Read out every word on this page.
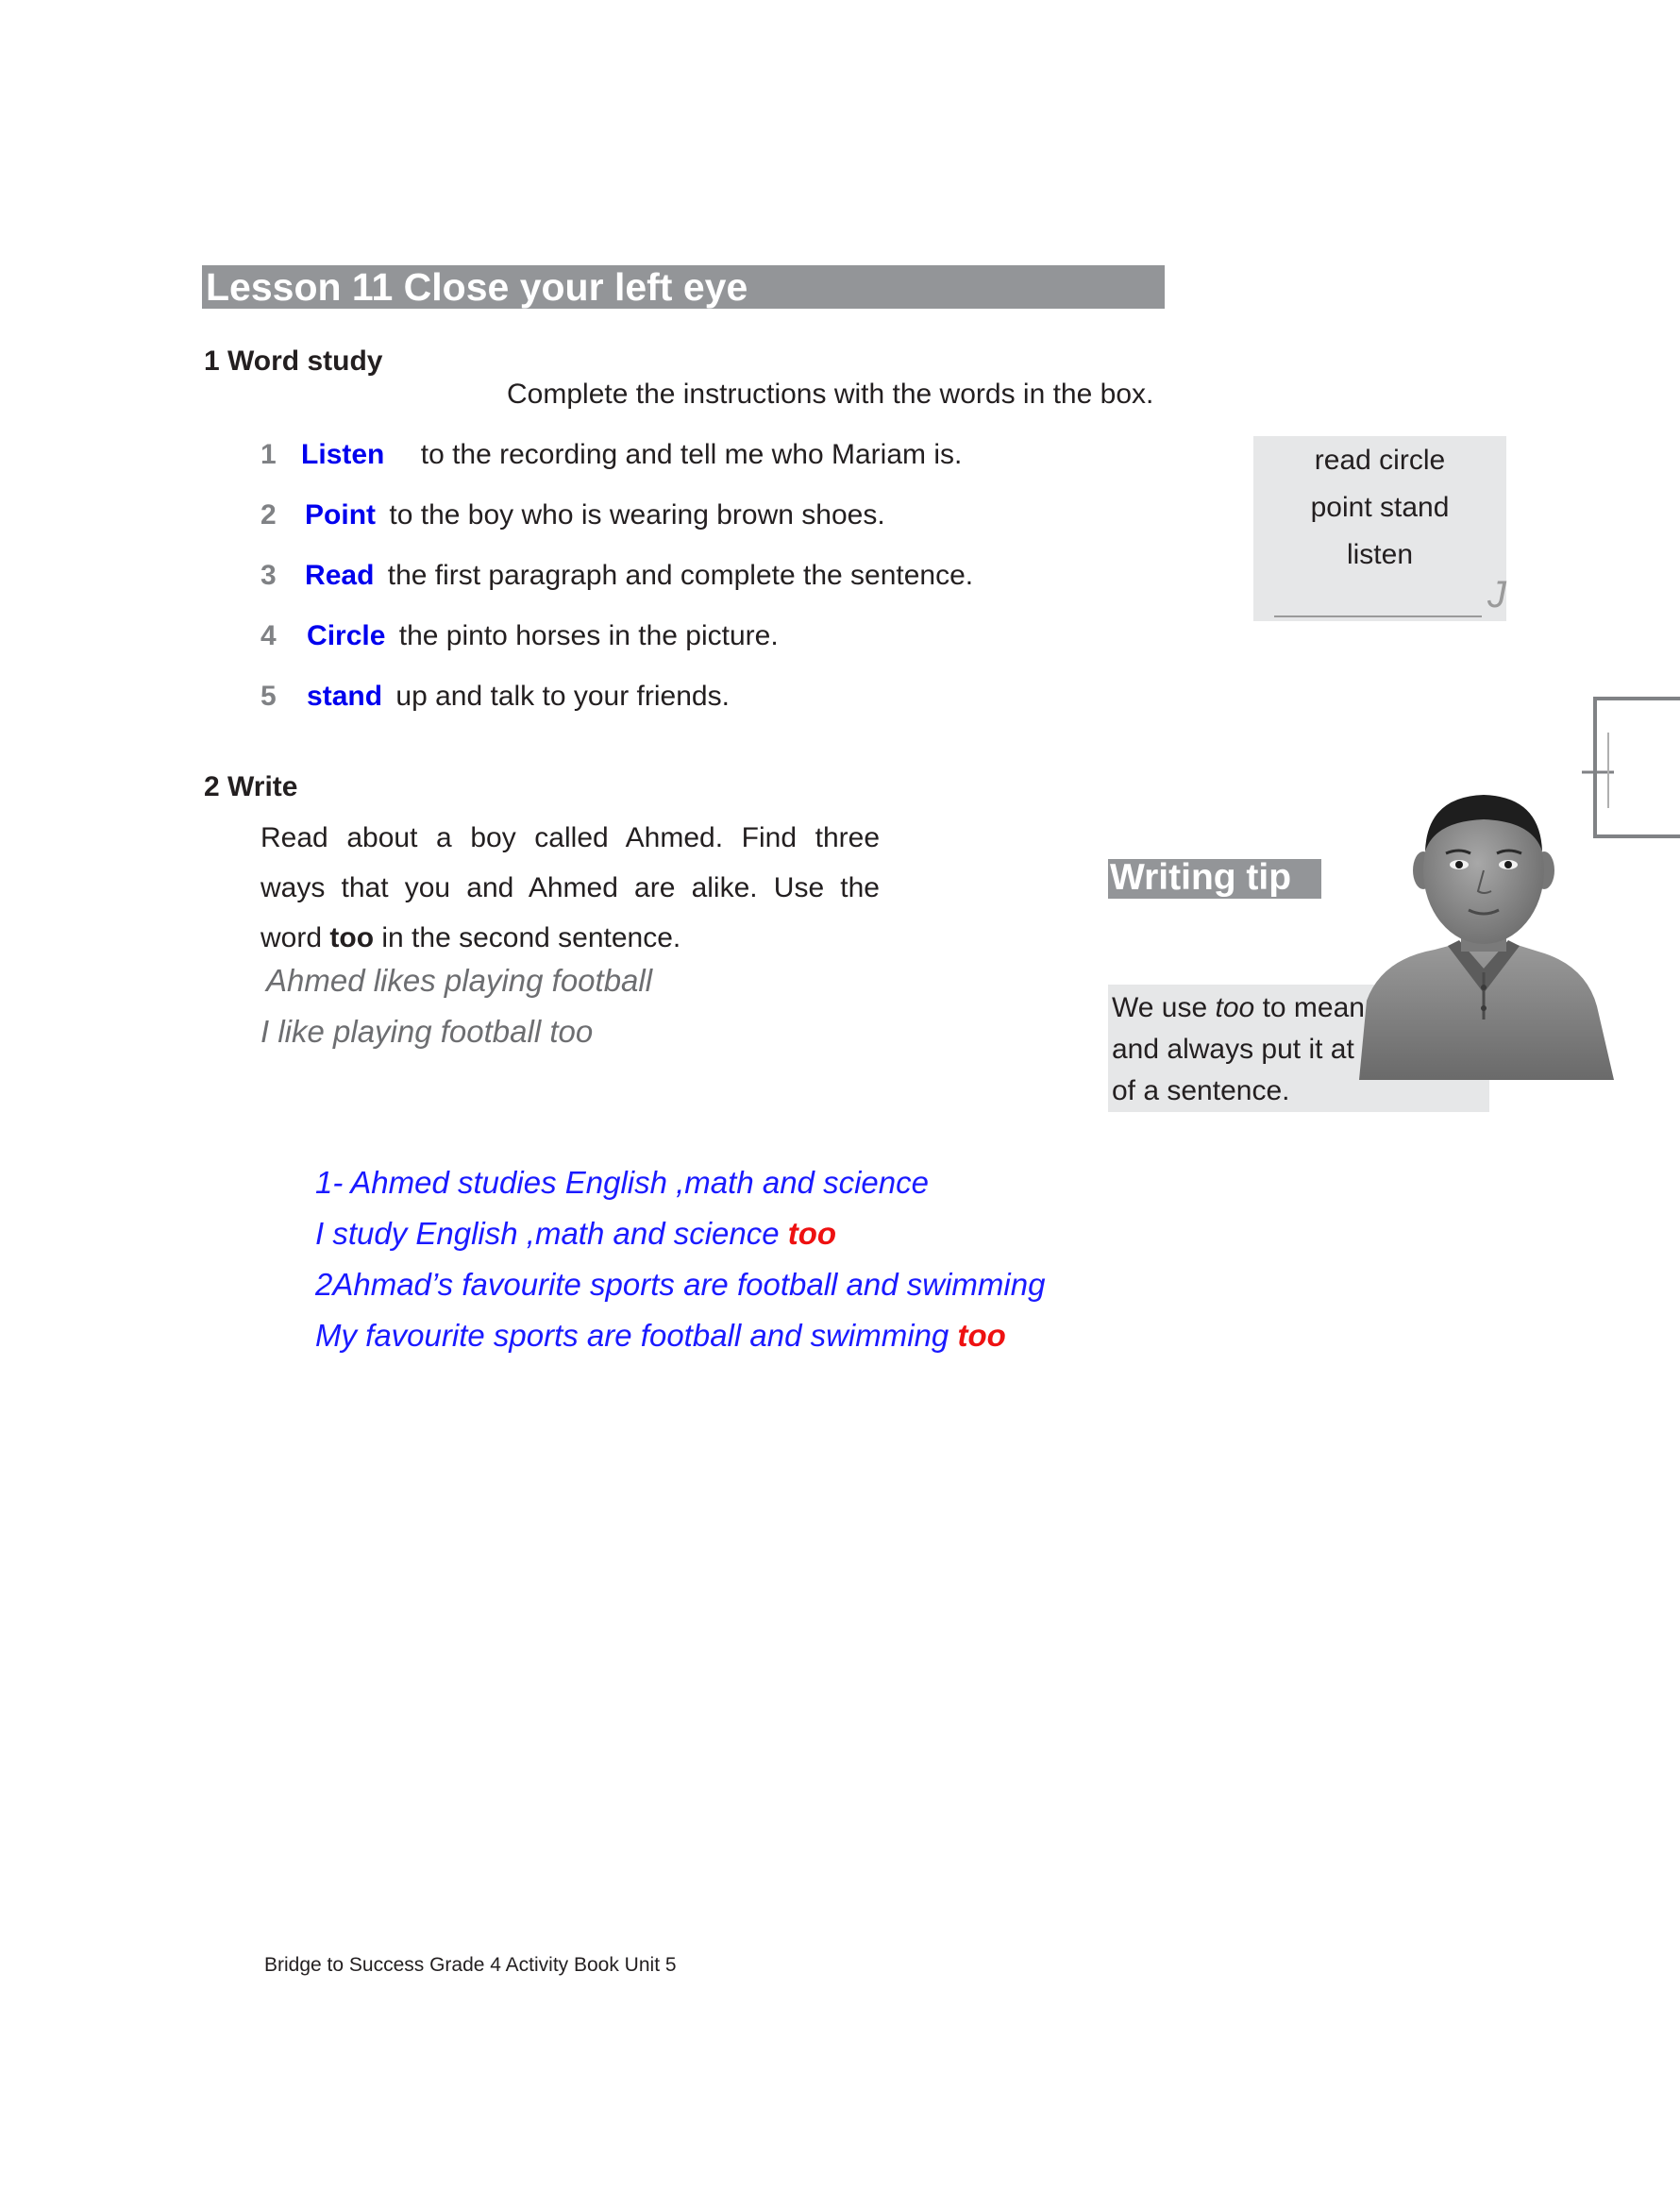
Lesson 11 Close your left eye
1 Word study
Complete the instructions with the words in the box.
1 Listen to the recording and tell me who Mariam is.
2 Point to the boy who is wearing brown shoes.
3 Read the first paragraph and complete the sentence.
4 Circle the pinto horses in the picture.
5 stand up and talk to your friends.
read circle
point stand
listen
J
2 Write
Read about a boy called Ahmed. Find three
ways that you and Ahmed are alike. Use the
word too in the second sentence.
Ahmed likes playing football
I like playing football too
1- Ahmed studies English ,math and science
I study English ,math and science too
2Ahmad’s favourite sports are football and swimming
My favourite sports are football and swimming too
Writing tip
We use too to mean
and always put it at
of a sentence.
Bridge to Success Grade 4 Activity Book Unit 5
